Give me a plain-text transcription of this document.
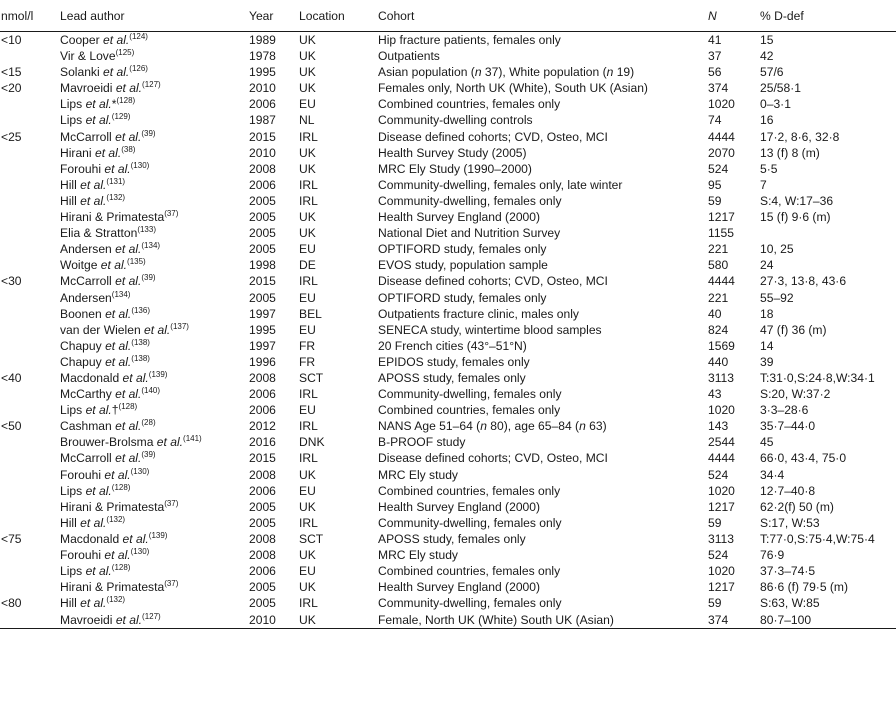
nmol/l	Lead author	Year	Location	Cohort	N	% D-def
<10	Cooper et al.$^{(124)}$	1989	UK	Hip fracture patients, females only	41	15
	Vir & Love$^{(125)}$	1978	UK	Outpatients	37	42
<15	Solanki et al.$^{(126)}$	1995	UK	Asian population (n 37), White population (n 19)	56	57/6
<20	Mavroeidi et al.$^{(127)}$	2010	UK	Females only, North UK (White), South UK (Asian)	374	25/58·1
	Lips et al.*$^{(128)}$	2006	EU	Combined countries, females only	1020	0–3·1
	Lips et al.$^{(129)}$	1987	NL	Community-dwelling controls	74	16
<25	McCarroll et al.$^{(39)}$	2015	IRL	Disease defined cohorts; CVD, Osteo, MCI	4444	17·2, 8·6, 32·8
	Hirani et al.$^{(38)}$	2010	UK	Health Survey Study (2005)	2070	13 (f) 8 (m)
	Forouhi et al.$^{(130)}$	2008	UK	MRC Ely Study (1990–2000)	524	5·5
	Hill et al.$^{(131)}$	2006	IRL	Community-dwelling, females only, late winter	95	7
	Hill et al.$^{(132)}$	2005	IRL	Community-dwelling, females only	59	S:4, W:17–36
	Hirani & Primatesta$^{(37)}$	2005	UK	Health Survey England (2000)	1217	15 (f) 9·6 (m)
	Elia & Stratton$^{(133)}$	2005	UK	National Diet and Nutrition Survey	1155	
	Andersen et al.$^{(134)}$	2005	EU	OPTIFORD study, females only	221	10, 25
	Woitge et al.$^{(135)}$	1998	DE	EVOS study, population sample	580	24
<30	McCarroll et al.$^{(39)}$	2015	IRL	Disease defined cohorts; CVD, Osteo, MCI	4444	27·3, 13·8, 43·6
	Andersen$^{(134)}$	2005	EU	OPTIFORD study, females only	221	55–92
	Boonen et al.$^{(136)}$	1997	BEL	Outpatients fracture clinic, males only	40	18
	van der Wielen et al.$^{(137)}$	1995	EU	SENECA study, wintertime blood samples	824	47 (f) 36 (m)
	Chapuy et al.$^{(138)}$	1997	FR	20 French cities (43°–51°N)	1569	14
	Chapuy et al.$^{(138)}$	1996	FR	EPIDOS study, females only	440	39
<40	Macdonald et al.$^{(139)}$	2008	SCT	APOSS study, females only	3113	T:31·0,S:24·8,W:34·1
	McCarthy et al.$^{(140)}$	2006	IRL	Community-dwelling, females only	43	S:20, W:37·2
	Lips et al.†$^{(128)}$	2006	EU	Combined countries, females only	1020	3·3–28·6
<50	Cashman et al.$^{(28)}$	2012	IRL	NANS Age 51–64 (n 80), age 65–84 (n 63)	143	35·7–44·0
	Brouwer-Brolsma et al.$^{(141)}$	2016	DNK	B-PROOF study	2544	45
	McCarroll et al.$^{(39)}$	2015	IRL	Disease defined cohorts; CVD, Osteo, MCI	4444	66·0, 43·4, 75·0
	Forouhi et al.$^{(130)}$	2008	UK	MRC Ely study	524	34·4
	Lips et al.$^{(128)}$	2006	EU	Combined countries, females only	1020	12·7–40·8
	Hirani & Primatesta$^{(37)}$	2005	UK	Health Survey England (2000)	1217	62·2(f) 50 (m)
	Hill et al.$^{(132)}$	2005	IRL	Community-dwelling, females only	59	S:17, W:53
<75	Macdonald et al.$^{(139)}$	2008	SCT	APOSS study, females only	3113	T:77·0,S:75·4,W:75·4
	Forouhi et al.$^{(130)}$	2008	UK	MRC Ely study	524	76·9
	Lips et al.$^{(128)}$	2006	EU	Combined countries, females only	1020	37·3–74·5
	Hirani & Primatesta$^{(37)}$	2005	UK	Health Survey England (2000)	1217	86·6 (f) 79·5 (m)
<80	Hill et al.$^{(132)}$	2005	IRL	Community-dwelling, females only	59	S:63, W:85
	Mavroeidi et al.$^{(127)}$	2010	UK	Female, North UK (White) South UK (Asian)	374	80·7–100
